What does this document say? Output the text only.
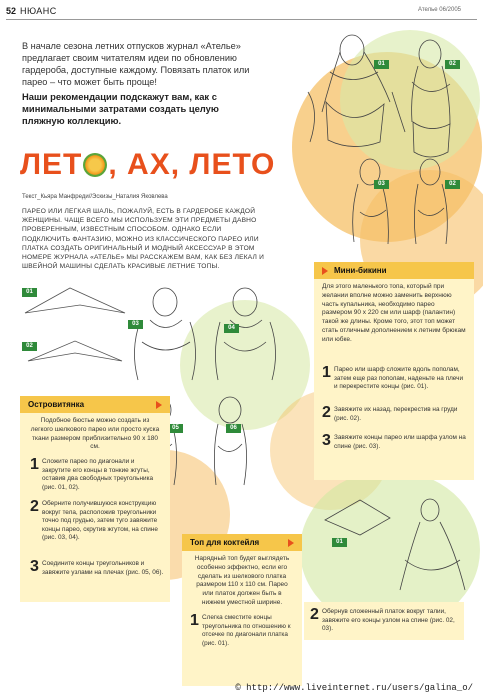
52 НЮАНС	Ателье 06/2005
В начале сезона летних отпусков журнал «Ателье» предлагает своим читателям идеи по обновлению гардероба, доступные каждому. Повязать платок или парео – что может быть проще!
Наши рекомендации подскажут вам, как с минимальными затратами создать целую пляжную коллекцию.
ЛЕТ , АХ, ЛЕТО
Текст_Кьяра Манфреди//Эскизы_Наталия Яковлева
ПАРЕО ИЛИ ЛЕГКАЯ ШАЛЬ, ПОЖАЛУЙ, ЕСТЬ В ГАРДЕРОБЕ КАЖДОЙ ЖЕНЩИНЫ. ЧАЩЕ ВСЕГО МЫ ИСПОЛЬЗУЕМ ЭТИ ПРЕДМЕТЫ ДАВНО ПРОВЕРЕННЫМ, ИЗВЕСТНЫМ СПОСОБОМ. ОДНАКО ЕСЛИ ПОДКЛЮЧИТЬ ФАНТАЗИЮ, МОЖНО ИЗ КЛАССИЧЕСКОГО ПАРЕО ИЛИ ПЛАТКА СОЗДАТЬ ОРИГИНАЛЬНЫЙ И МОДНЫЙ АКСЕССУАР В ЭТОМ НОМЕРЕ ЖУРНАЛА «АТЕЛЬЕ» МЫ РАССКАЖЕМ ВАМ, КАК БЕЗ ЛЕКАЛ И ШВЕЙНОЙ МАШИНЫ СДЕЛАТЬ КРАСИВЫЕ ЛЕТНИЕ ТОПЫ.
01	02
03	02
01
02
03
04
05	06
Мини-бикини
Для этого маленького топа, который при желании вполне можно заменить верхнюю часть купальника, необходимо парео размером 90 х 220 см или шарф (палантин) такой же длины. Кроме того, этот топ может стать отличным дополнением к летним брюкам или юбке.
1 Парео или шарф сложите вдоль пополам, затем еще раз пополам, наденьте на плечи и перекрестите концы (рис. 01).
2 Завяжите их назад, перекрестив на груди (рис. 02).
3 Завяжите концы парео или шарфа узлом на спине (рис. 03).
Островитянка
Подобное бюстье можно создать из легкого шелкового парео или просто куска ткани размером приблизительно 90 х 180 см.
1 Сложите парео по диагонали и закрутите его концы в тонкие жгуты, оставив два свободных треугольника (рис. 01, 02).
2 Оберните получившуюся конструкцию вокруг тела, расположив треугольники точно под грудью, затем туго завяжите концы парео, скрутив жгутом, на спине (рис. 03, 04).
3 Соедините концы треугольников и завяжите узлами на плечах (рис. 05, 06).
01
Топ для коктейля
Нарядный топ будет выглядеть особенно эффектно, если его сделать из шелкового платка размером 110 х 110 см. Парео или платок должен быть в нижнем уместной ширине.
1 Слегка сместите концы треугольника по отношению к отсечке по диагонали платка (рис. 01).
2 Обернув сложенный платок вокруг талии, завяжите его концы узлом на спине (рис. 02, 03).
© http://www.liveinternet.ru/users/galina_o/
